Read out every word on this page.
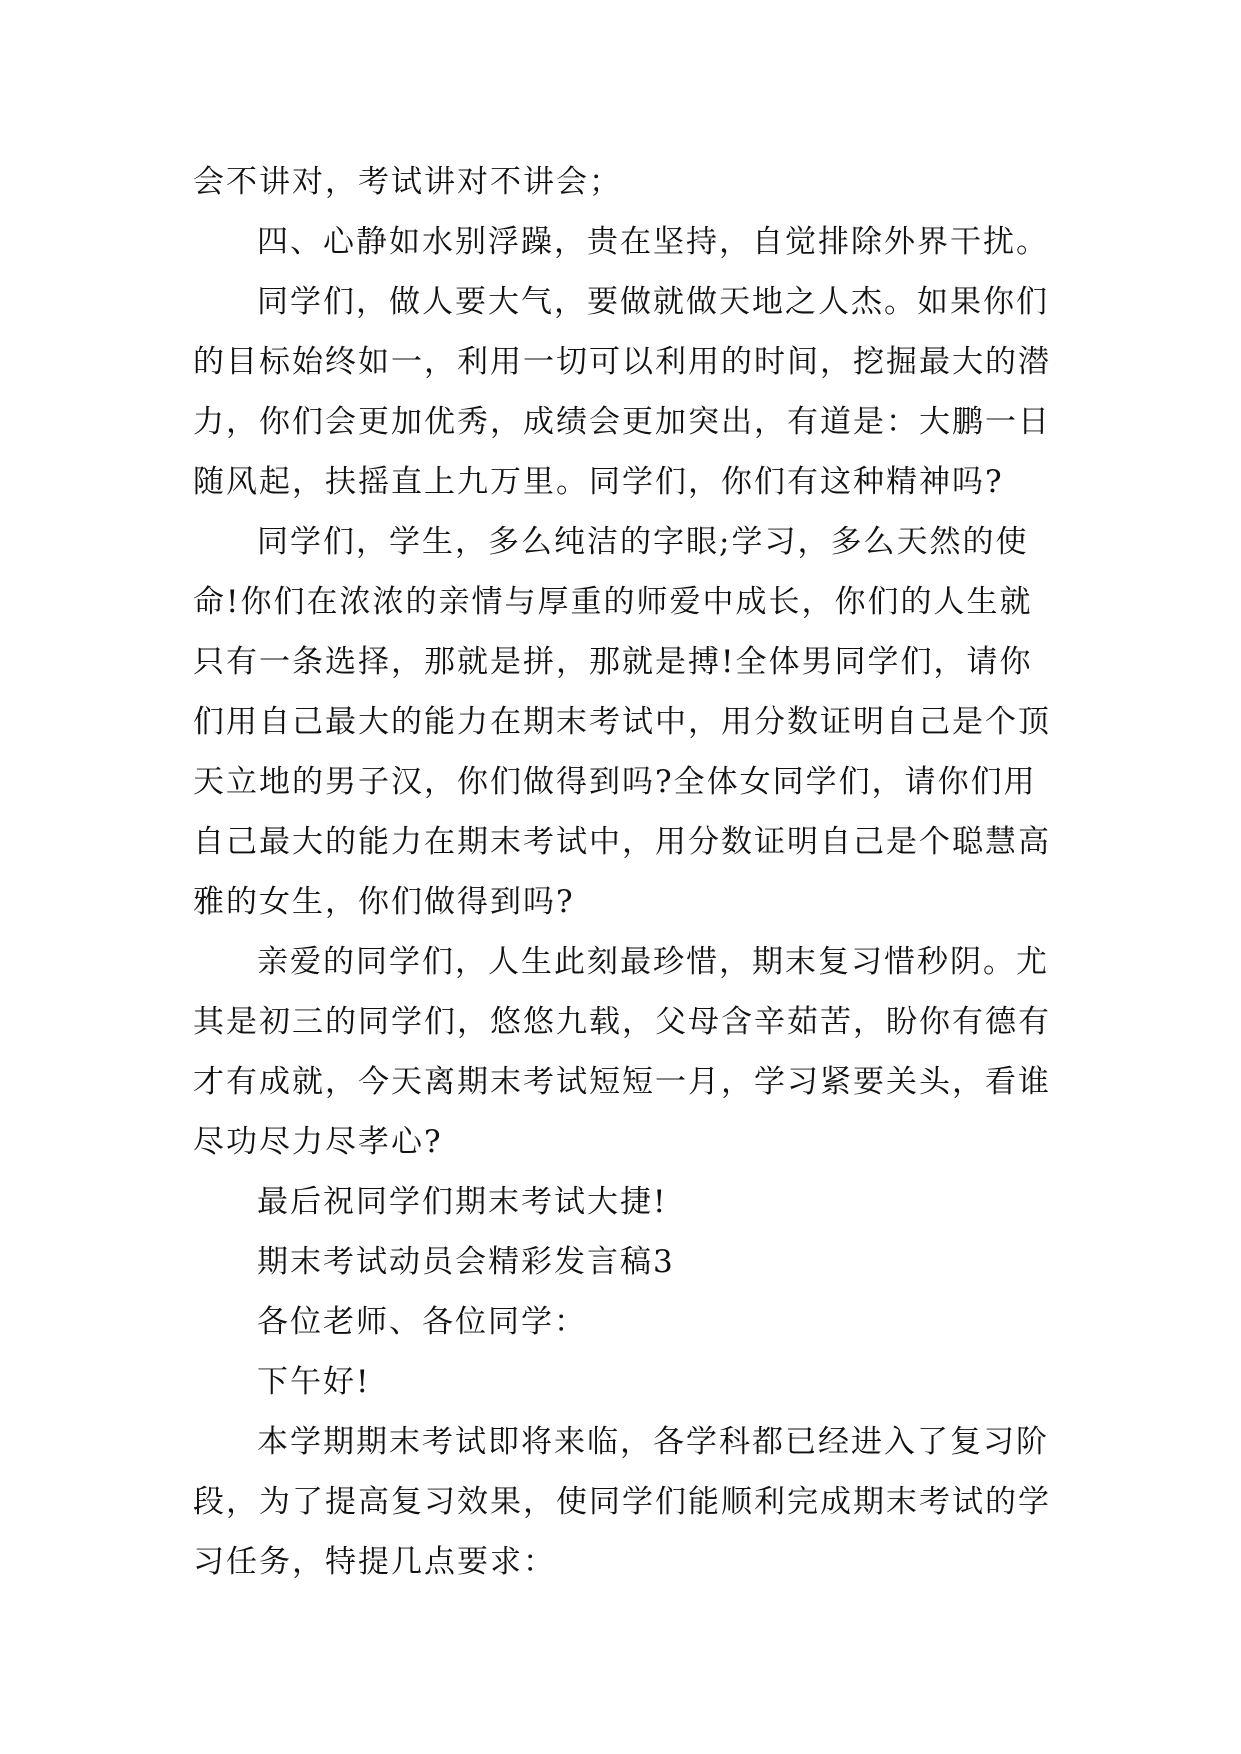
会不讲对，考试讲对不讲会；
四、心静如水别浮躁，贵在坚持，自觉排除外界干扰。
同学们，做人要大气，要做就做天地之人杰。如果你们
的目标始终如一，利用一切可以利用的时间，挖掘最大的潜
力，你们会更加优秀，成绩会更加突出，有道是：大鹏一日
随风起，扶摇直上九万里。同学们，你们有这种精神吗?
同学们，学生，多么纯洁的字眼;学习，多么天然的使
命!你们在浓浓的亲情与厚重的师爱中成长，你们的人生就
只有一条选择，那就是拼，那就是搏!全体男同学们，请你
们用自己最大的能力在期末考试中，用分数证明自己是个顶
天立地的男子汉，你们做得到吗?全体女同学们，请你们用
自己最大的能力在期末考试中，用分数证明自己是个聪慧高
雅的女生，你们做得到吗?
亲爱的同学们，人生此刻最珍惜，期末复习惜秒阴。尤
其是初三的同学们，悠悠九载，父母含辛茹苦，盼你有德有
才有成就，今天离期末考试短短一月，学习紧要关头，看谁
尽功尽力尽孝心?
最后祝同学们期末考试大捷!
期末考试动员会精彩发言稿3
各位老师、各位同学：
下午好!
本学期期末考试即将来临，各学科都已经进入了复习阶
段，为了提高复习效果，使同学们能顺利完成期末考试的学
习任务，特提几点要求：
